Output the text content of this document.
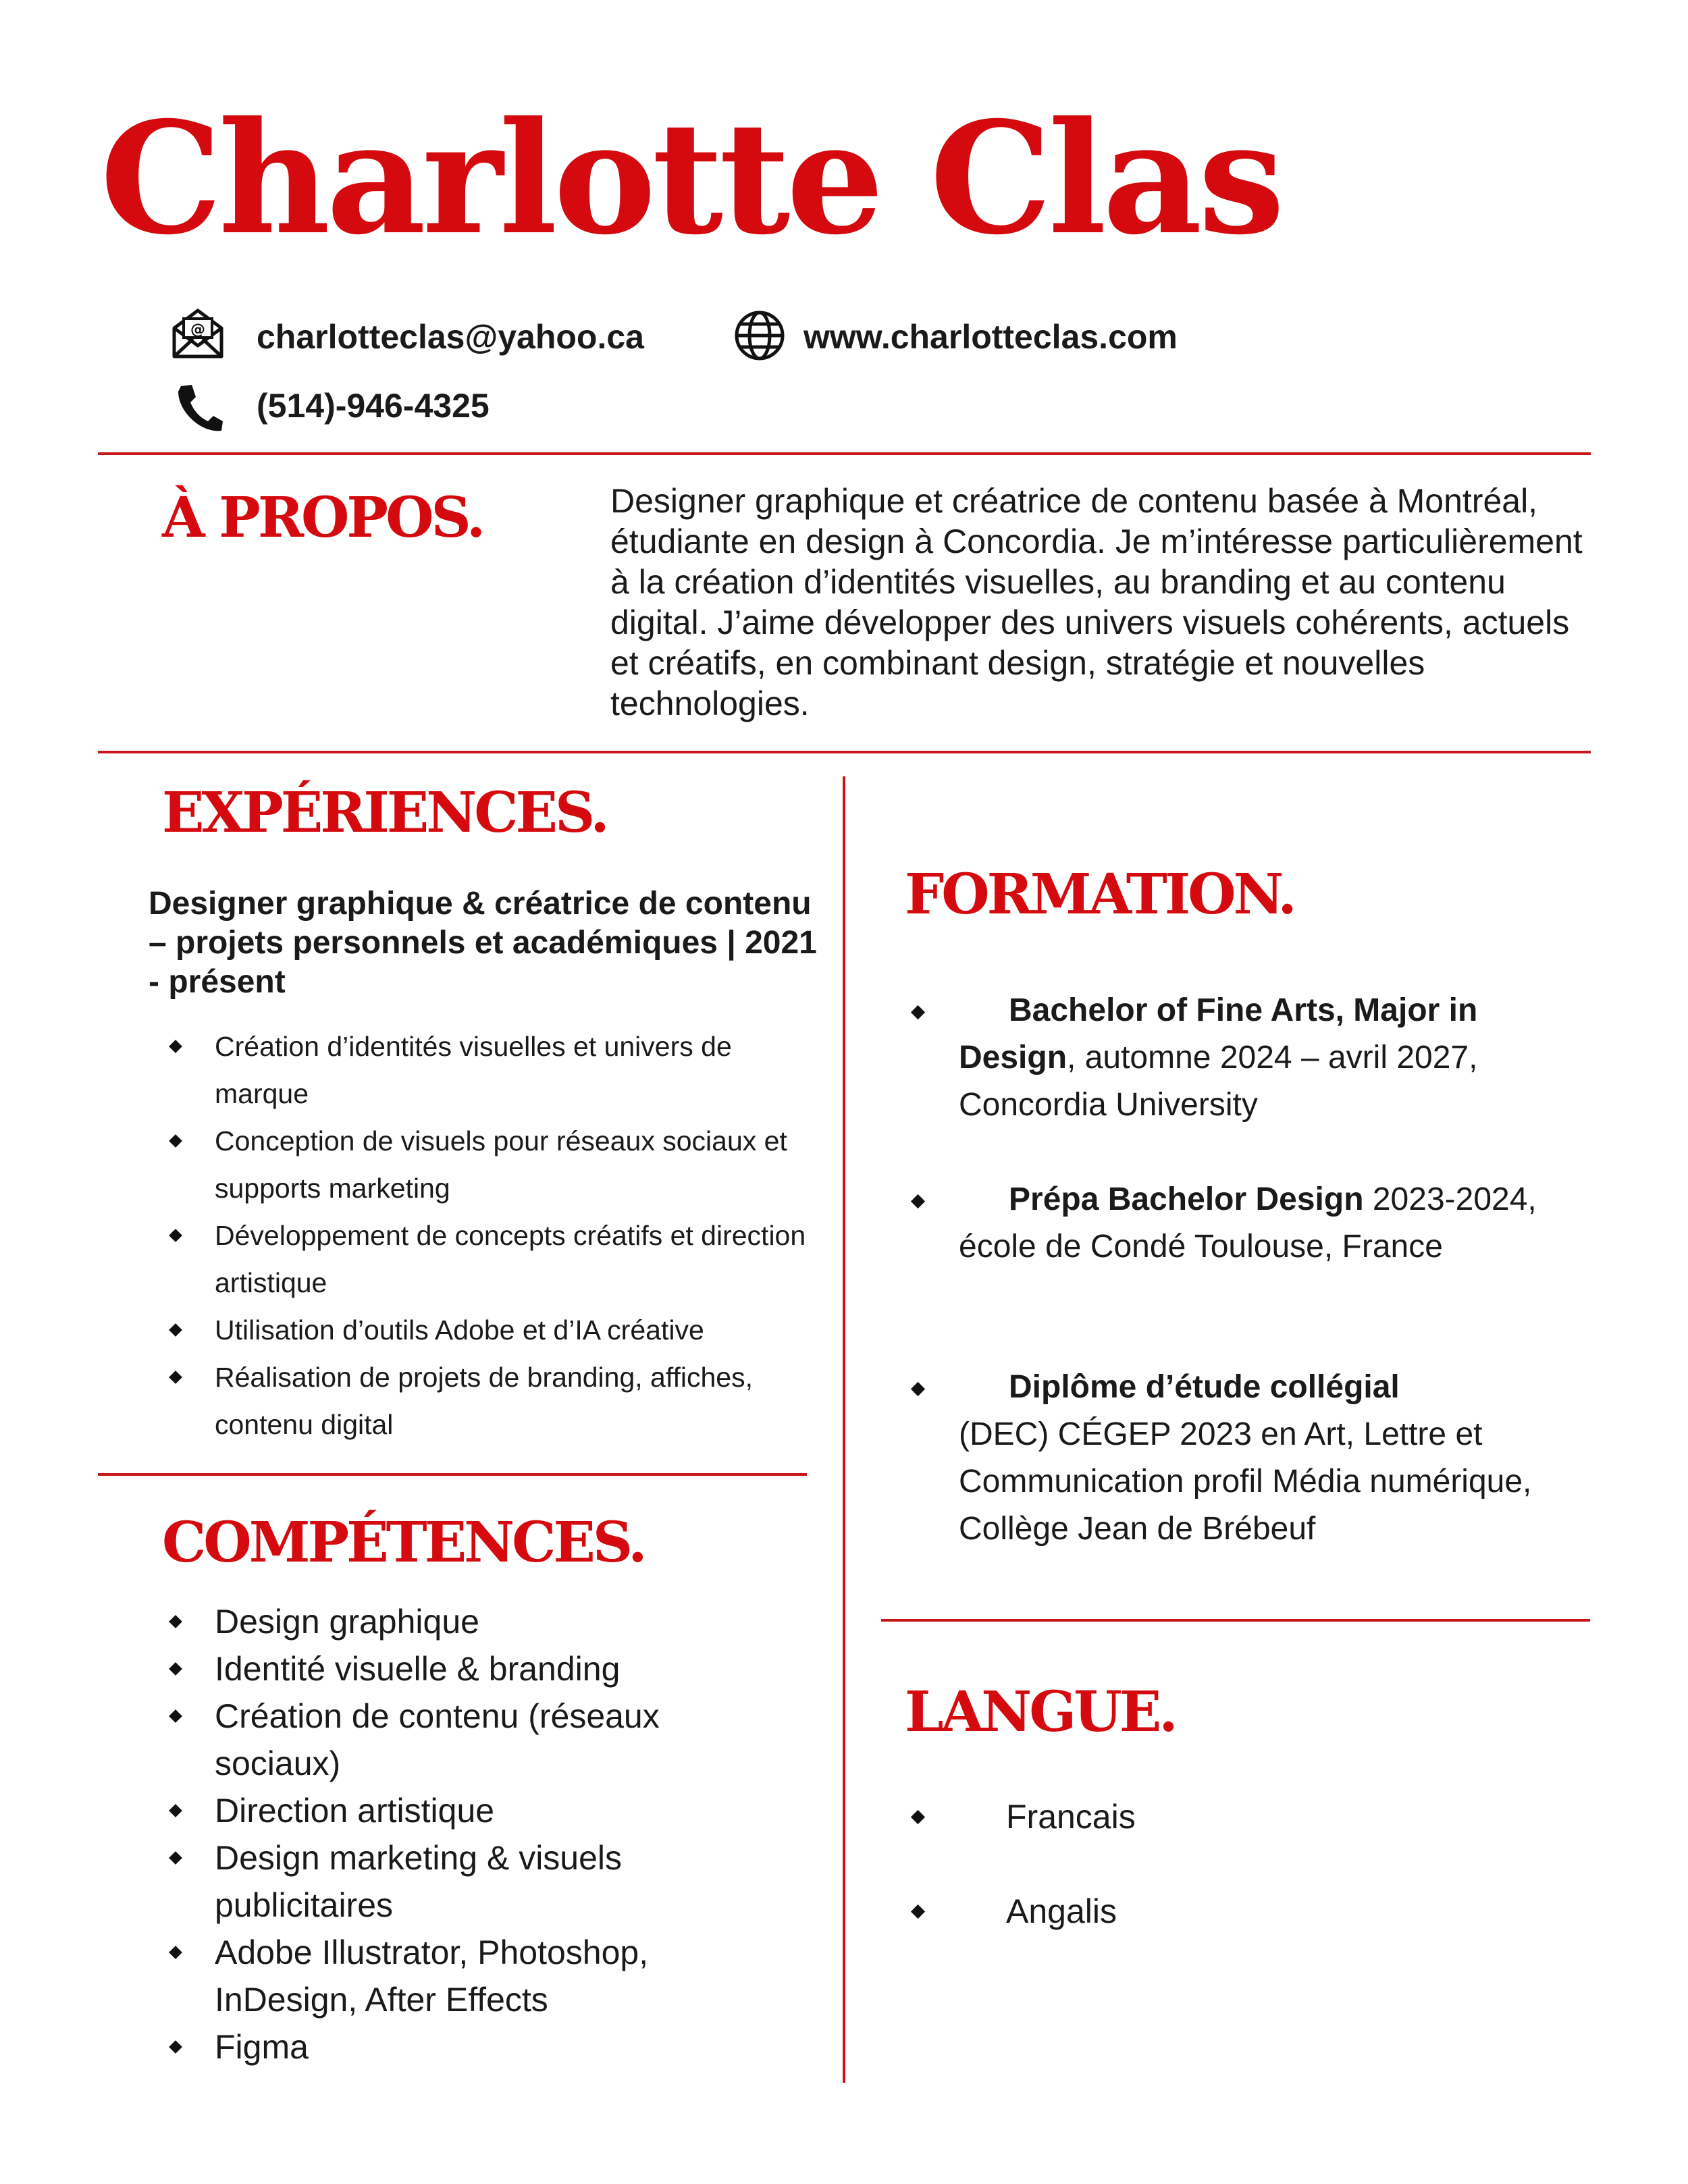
Charlotte Clas
@ charlotteclas@yahoo.ca	www.charlotteclas.com
(514)-946-4325
À PROPOS.	Designer graphique et créatrice de contenu basée à Montréal, étudiante en design à Concordia. Je m’intéresse particulièrement à la création d’identités visuelles, au branding et au contenu digital. J’aime développer des univers visuels cohérents, actuels et créatifs, en combinant design, stratégie et nouvelles technologies.
EXPÉRIENCES.
Designer graphique & créatrice de contenu – projets personnels et académiques | 2021 - présent
Création d’identités visuelles et univers de marque
Conception de visuels pour réseaux sociaux et supports marketing
Développement de concepts créatifs et direction artistique
Utilisation d’outils Adobe et d’IA créative
Réalisation de projets de branding, affiches, contenu digital
COMPÉTENCES.
Design graphique
Identité visuelle & branding
Création de contenu (réseaux sociaux)
Direction artistique
Design marketing & visuels publicitaires
Adobe Illustrator, Photoshop, InDesign, After Effects
Figma
FORMATION.
Bachelor of Fine Arts, Major in Design, automne 2024 – avril 2027, Concordia University
Prépa Bachelor Design 2023-2024, école de Condé Toulouse, France
Diplôme d’étude collégial
(DEC) CÉGEP 2023 en Art, Lettre et Communication profil Média numérique, Collège Jean de Brébeuf
LANGUE.
Francais
Angalis
